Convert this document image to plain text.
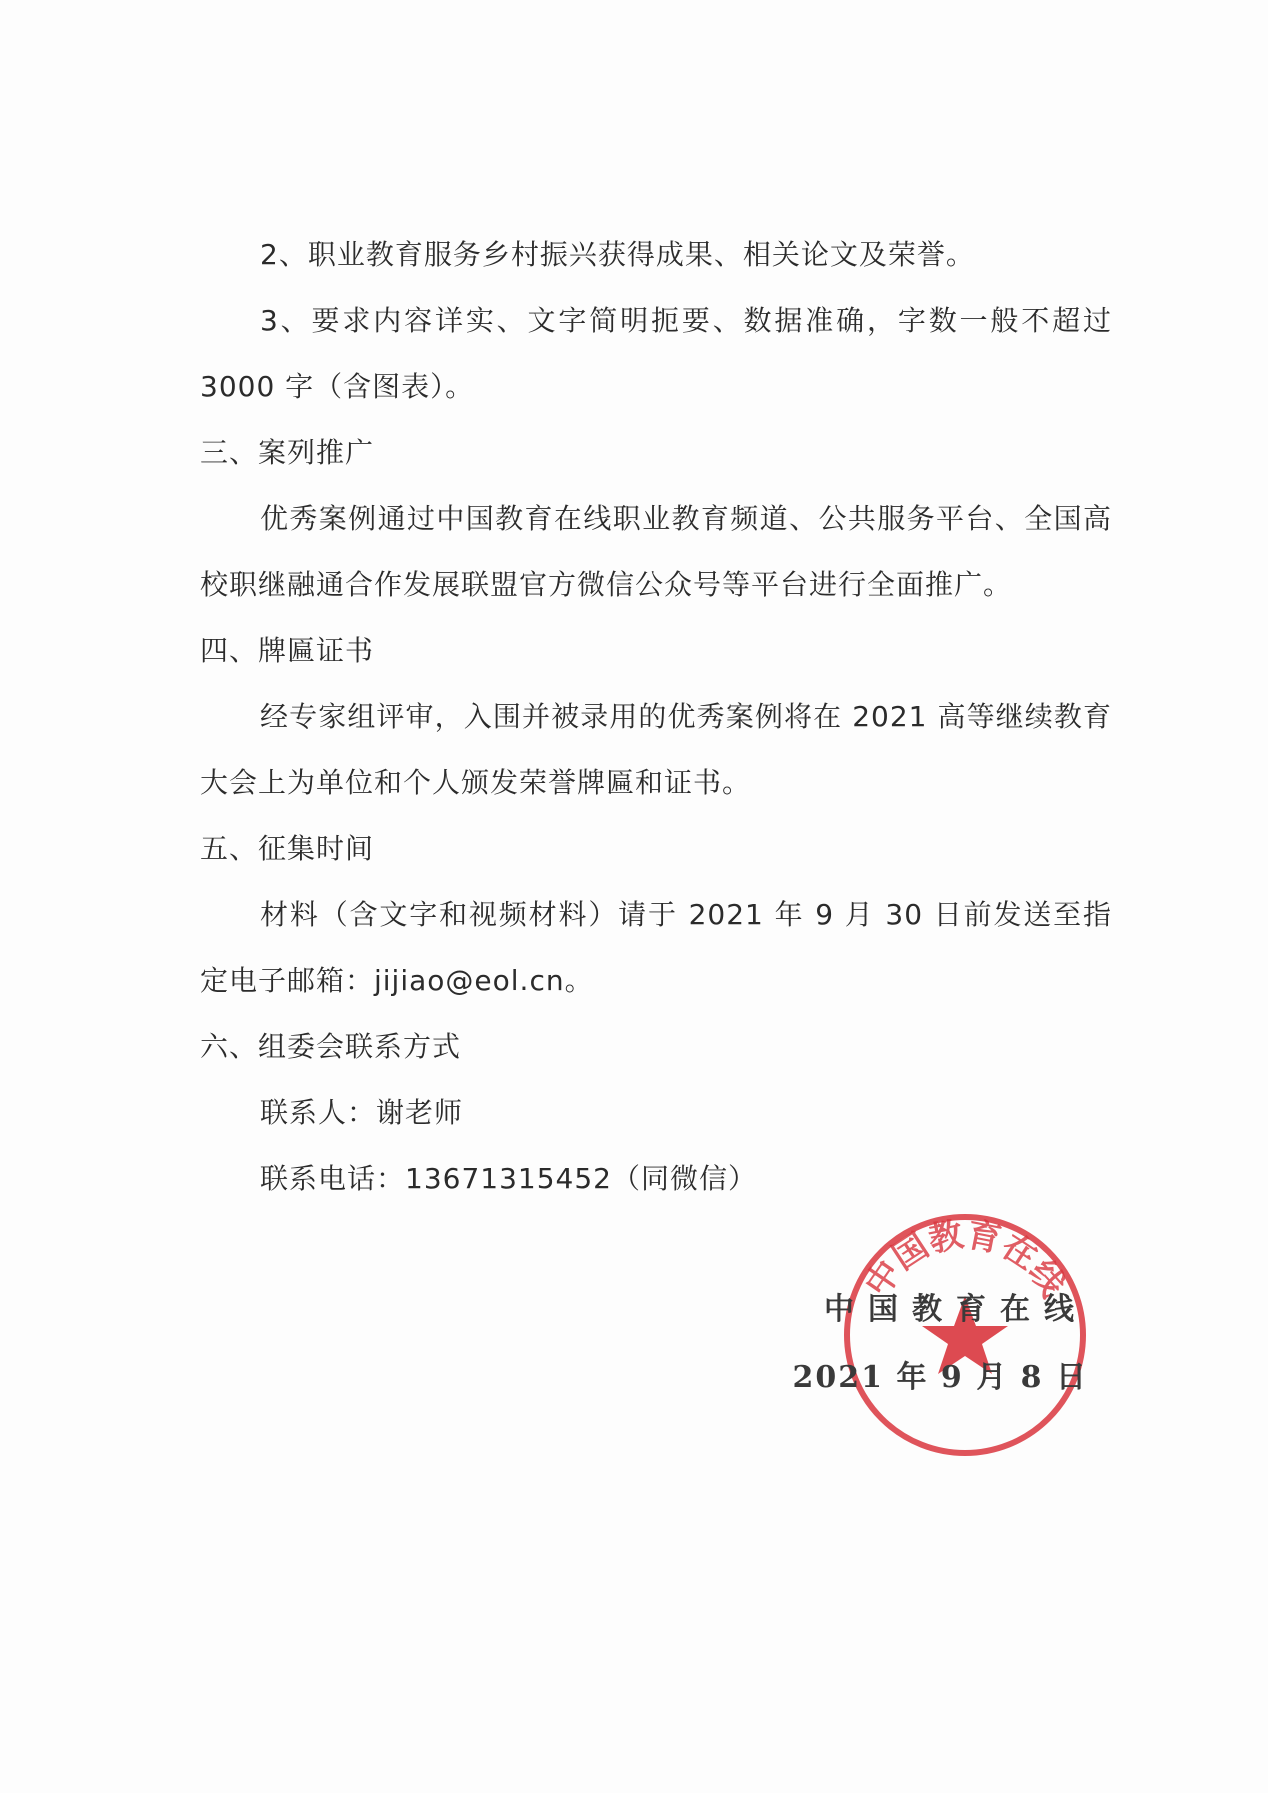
2、职业教育服务乡村振兴获得成果、相关论文及荣誉。

3、要求内容详实、文字简明扼要、数据准确，字数一般不超过 3000 字（含图表）。

三、案列推广

优秀案例通过中国教育在线职业教育频道、公共服务平台、全国高校职继融通合作发展联盟官方微信公众号等平台进行全面推广。

四、牌匾证书

经专家组评审，入围并被录用的优秀案例将在 2021 高等继续教育大会上为单位和个人颁发荣誉牌匾和证书。

五、征集时间

材料（含文字和视频材料）请于 2021 年 9 月 30 日前发送至指定电子邮箱：jijiao@eol.cn。

六、组委会联系方式

联系人：谢老师

联系电话：13671315452（同微信）

中国教育在线
中国教育在线
2021 年 9 月 8 日
